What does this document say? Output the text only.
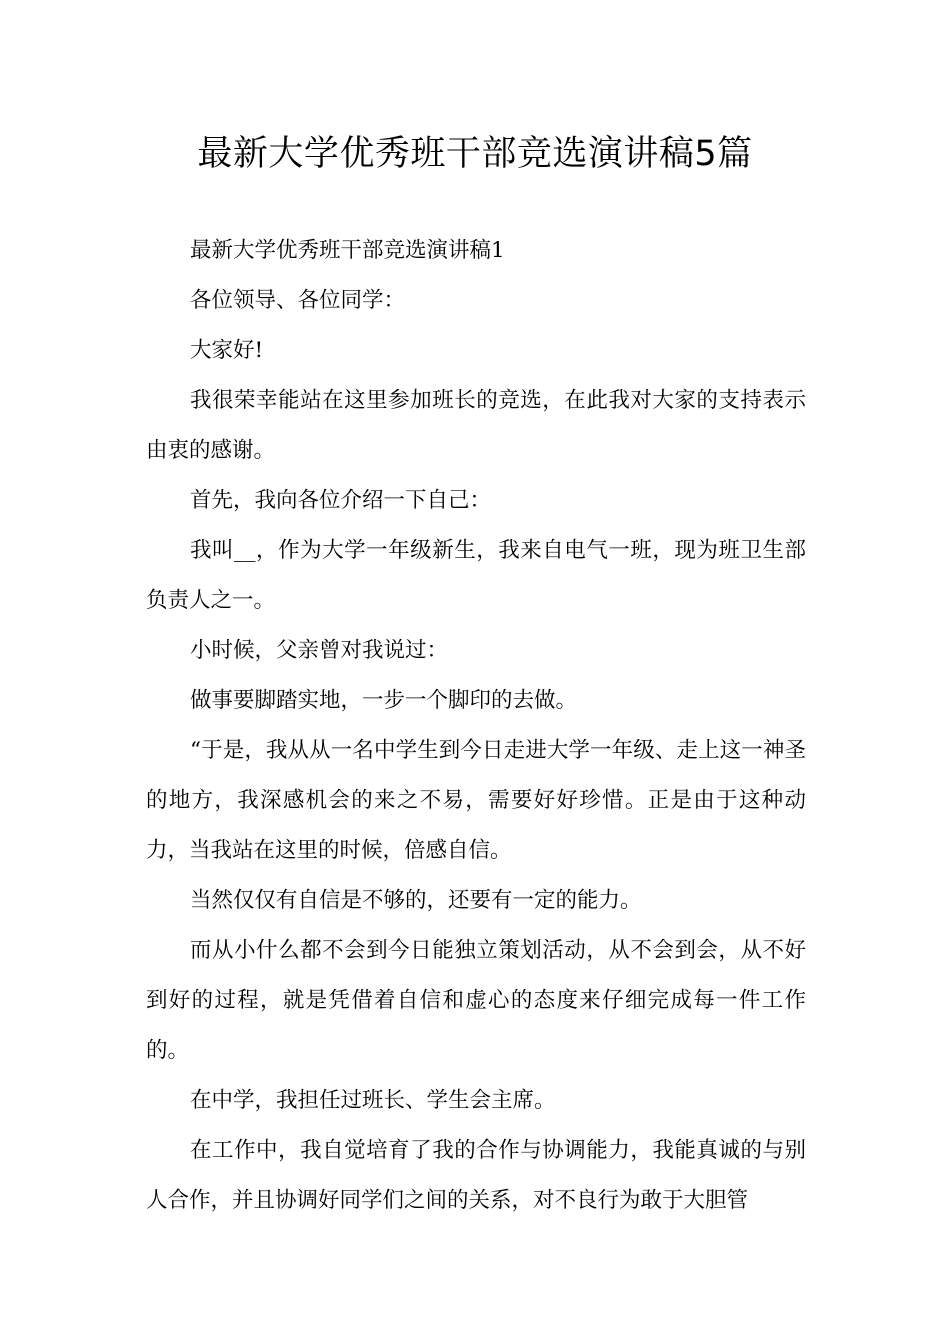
最新大学优秀班干部竞选演讲稿5篇

最新大学优秀班干部竞选演讲稿1

各位领导、各位同学：

大家好!

我很荣幸能站在这里参加班长的竞选，在此我对大家的支持表示由衷的感谢。

首先，我向各位介绍一下自己：

我叫__，作为大学一年级新生，我来自电气一班，现为班卫生部负责人之一。

小时候，父亲曾对我说过：

做事要脚踏实地，一步一个脚印的去做。

“于是，我从从一名中学生到今日走进大学一年级、走上这一神圣的地方，我深感机会的来之不易，需要好好珍惜。正是由于这种动力，当我站在这里的时候，倍感自信。

当然仅仅有自信是不够的，还要有一定的能力。

而从小什么都不会到今日能独立策划活动，从不会到会，从不好到好的过程，就是凭借着自信和虚心的态度来仔细完成每一件工作的。

在中学，我担任过班长、学生会主席。

在工作中，我自觉培育了我的合作与协调能力，我能真诚的与别人合作，并且协调好同学们之间的关系，对不良行为敢于大胆管
